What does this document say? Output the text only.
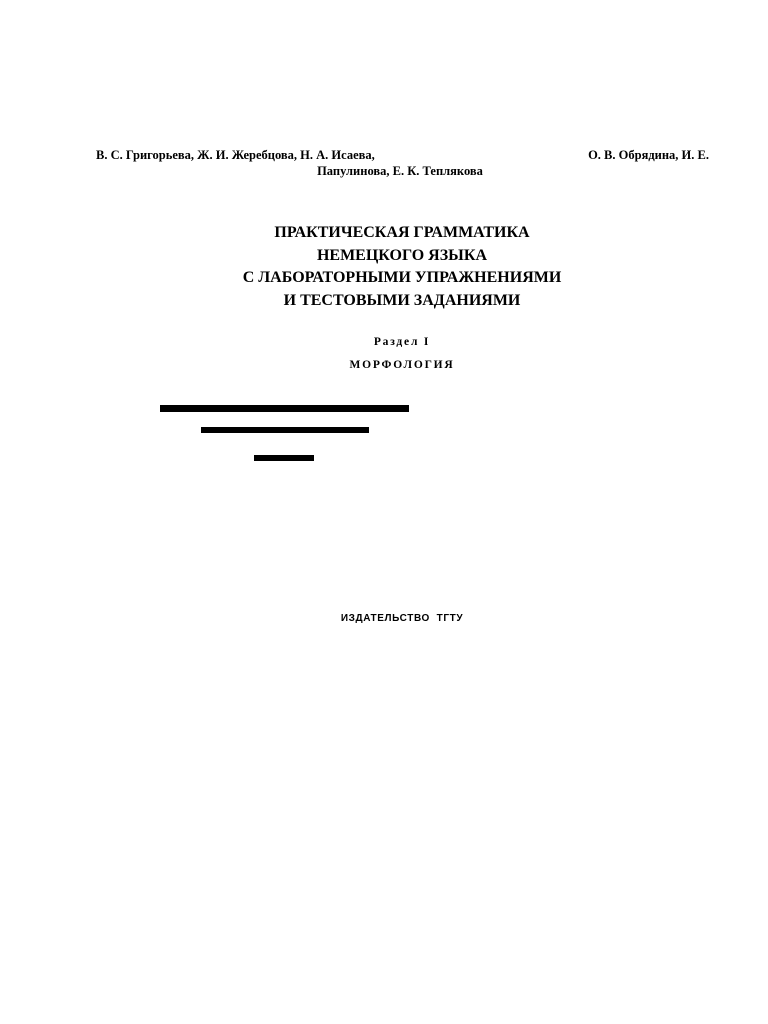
В. С. Григорьева, Ж. И. Жеребцова, Н. А. Исаева,	О. В. Обрядина, И. Е.
Папулинова, Е. К. Теплякова
ПРАКТИЧЕСКАЯ ГРАММАТИКА
НЕМЕЦКОГО ЯЗЫКА
С ЛАБОРАТОРНЫМИ УПРАЖНЕНИЯМИ
И ТЕСТОВЫМИ ЗАДАНИЯМИ
Раздел I
МОРФОЛОГИЯ
ИЗДАТЕЛЬСТВО  ТГТУ
